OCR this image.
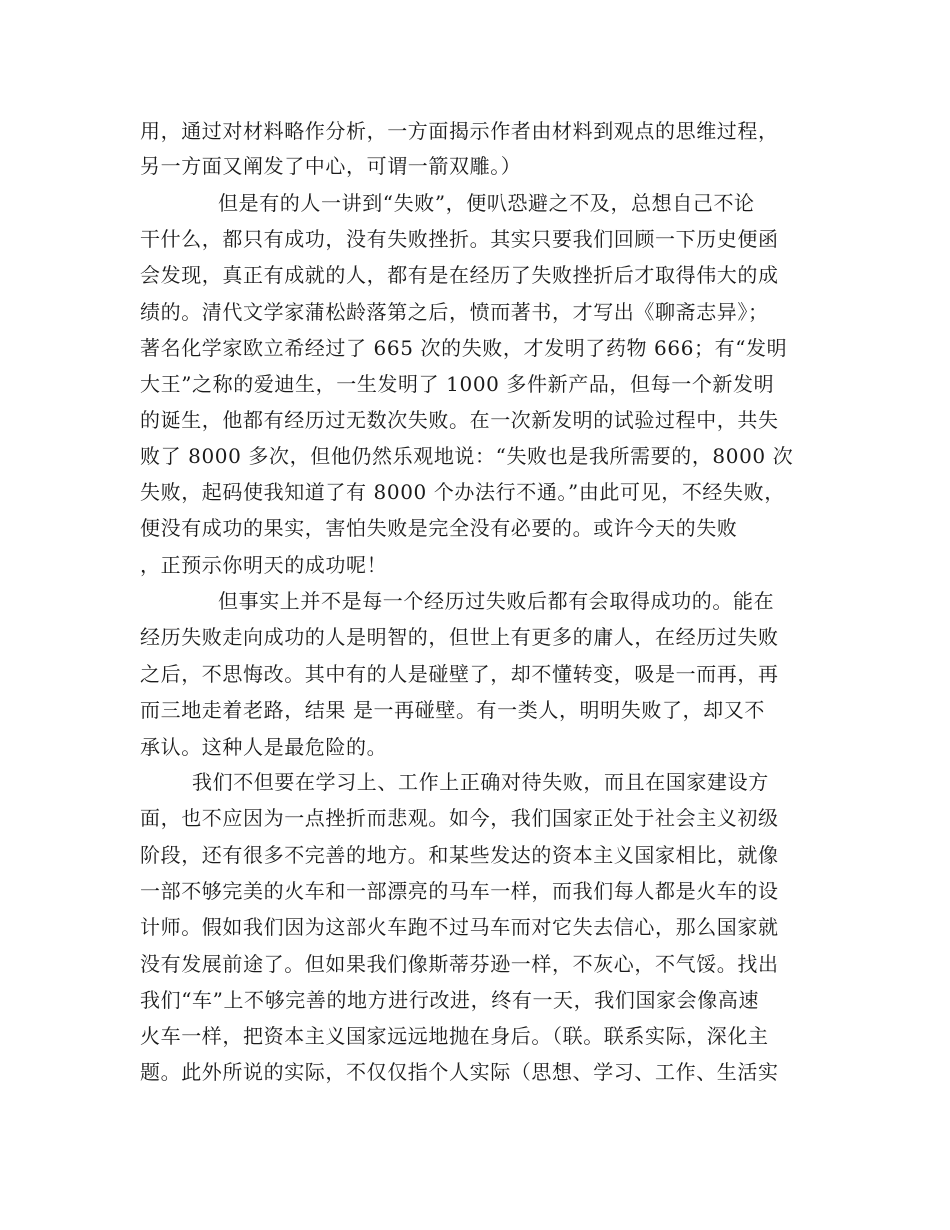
用，通过对材料略作分析，一方面揭示作者由材料到观点的思维过程，
另一方面又阐发了中心，可谓一箭双雕。）
但是有的人一讲到“失败”，便叭恐避之不及，总想自己不论
干什么，都只有成功，没有失败挫折。其实只要我们回顾一下历史便函
会发现，真正有成就的人，都有是在经历了失败挫折后才取得伟大的成
绩的。清代文学家蒲松龄落第之后，愤而著书，才写出《聊斋志异》；
著名化学家欧立希经过了 665 次的失败，才发明了药物 666；有“发明
大王”之称的爱迪生，一生发明了 1000 多件新产品，但每一个新发明
的诞生，他都有经历过无数次失败。在一次新发明的试验过程中，共失
败了 8000 多次，但他仍然乐观地说：“失败也是我所需要的，8000 次
失败，起码使我知道了有 8000 个办法行不通。”由此可见，不经失败，
便没有成功的果实，害怕失败是完全没有必要的。或许今天的失败
，正预示你明天的成功呢！
但事实上并不是每一个经历过失败后都有会取得成功的。能在
经历失败走向成功的人是明智的，但世上有更多的庸人，在经历过失败
之后，不思悔改。其中有的人是碰壁了，却不懂转变，吸是一而再，再
而三地走着老路，结果 是一再碰壁。有一类人，明明失败了，却又不
承认。这种人是最危险的。
我们不但要在学习上、工作上正确对待失败，而且在国家建设方
面，也不应因为一点挫折而悲观。如今，我们国家正处于社会主义初级
阶段，还有很多不完善的地方。和某些发达的资本主义国家相比，就像
一部不够完美的火车和一部漂亮的马车一样，而我们每人都是火车的设
计师。假如我们因为这部火车跑不过马车而对它失去信心，那么国家就
没有发展前途了。但如果我们像斯蒂芬逊一样，不灰心，不气馁。找出
我们“车”上不够完善的地方进行改进，终有一天，我们国家会像高速
火车一样，把资本主义国家远远地抛在身后。（联。联系实际，深化主
题。此外所说的实际，不仅仅指个人实际（思想、学习、工作、生活实
